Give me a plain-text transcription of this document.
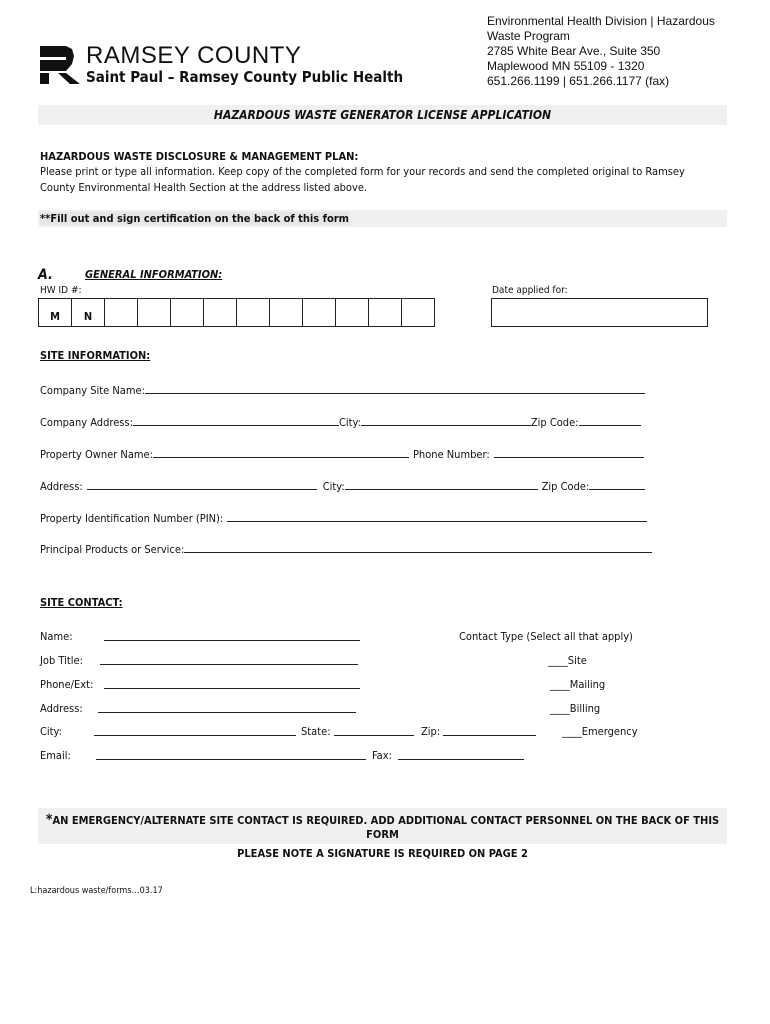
RAMSEY COUNTY
Saint Paul – Ramsey County Public Health
Environmental Health Division | Hazardous
Waste Program
2785 White Bear Ave., Suite 350
Maplewood MN 55109 - 1320
651.266.1199 | 651.266.1177 (fax)
HAZARDOUS WASTE GENERATOR LICENSE APPLICATION
HAZARDOUS WASTE DISCLOSURE & MANAGEMENT PLAN:
Please print or type all information. Keep copy of the completed form for your records and send the completed original to Ramsey County Environmental Health Section at the address listed above.
**Fill out and sign certification on the back of this form
A.	GENERAL INFORMATION:
HW ID #:	Date applied for:
M	N
SITE INFORMATION:
Company Site Name:
Company Address:	City:	Zip Code:
Property Owner Name:	Phone Number:
Address:	City:	Zip Code:
Property Identification Number (PIN):
Principal Products or Service:
SITE CONTACT:
Name:	Contact Type (Select all that apply)
Job Title:	____Site
Phone/Ext:	____Mailing
Address:	____Billing
City:	State:	Zip:	____Emergency
Email:	Fax:
*AN EMERGENCY/ALTERNATE SITE CONTACT IS REQUIRED. ADD ADDITIONAL CONTACT PERSONNEL ON THE BACK OF THIS FORM
PLEASE NOTE A SIGNATURE IS REQUIRED ON PAGE 2
L:hazardous waste/forms…03.17
